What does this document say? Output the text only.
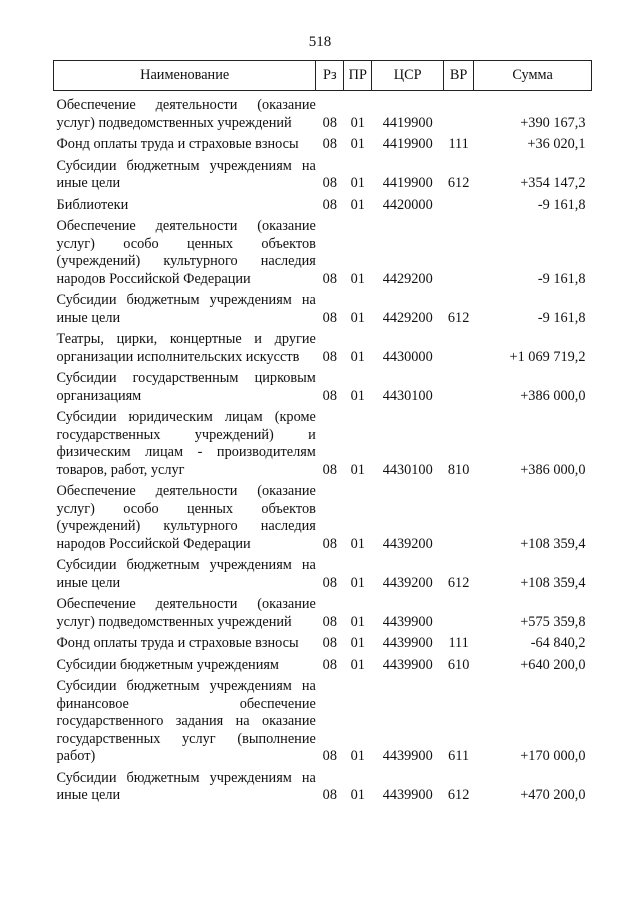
518
Наименование	Рз	ПР	ЦСР	ВР	Сумма
Обеспечение деятельности (оказание услуг) подведомственных учреждений	08	01	4419900		+390 167,3
Фонд оплаты труда и страховые взносы	08	01	4419900	111	+36 020,1
Субсидии бюджетным учреждениям на иные цели	08	01	4419900	612	+354 147,2
Библиотеки	08	01	4420000		-9 161,8
Обеспечение деятельности (оказание услуг) особо ценных объектов (учреждений) культурного наследия народов Российской Федерации	08	01	4429200		-9 161,8
Субсидии бюджетным учреждениям на иные цели	08	01	4429200	612	-9 161,8
Театры, цирки, концертные и другие организации исполнительских искусств	08	01	4430000		+1 069 719,2
Субсидии государственным цирковым организациям	08	01	4430100		+386 000,0
Субсидии юридическим лицам (кроме государственных учреждений) и физическим лицам - производителям товаров, работ, услуг	08	01	4430100	810	+386 000,0
Обеспечение деятельности (оказание услуг) особо ценных объектов (учреждений) культурного наследия народов Российской Федерации	08	01	4439200		+108 359,4
Субсидии бюджетным учреждениям на иные цели	08	01	4439200	612	+108 359,4
Обеспечение деятельности (оказание услуг) подведомственных учреждений	08	01	4439900		+575 359,8
Фонд оплаты труда и страховые взносы	08	01	4439900	111	-64 840,2
Субсидии бюджетным учреждениям	08	01	4439900	610	+640 200,0
Субсидии бюджетным учреждениям на финансовое обеспечение государственного задания на оказание государственных услуг (выполнение работ)	08	01	4439900	611	+170 000,0
Субсидии бюджетным учреждениям на иные цели	08	01	4439900	612	+470 200,0
